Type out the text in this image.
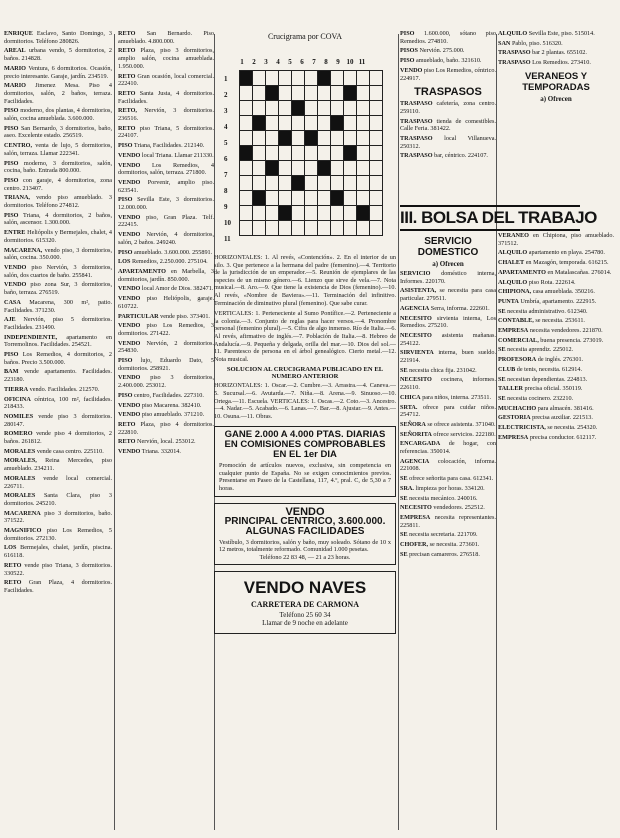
ENRIQUE Esclavo, Santo Domingo, 3 dormitorios. Teléfono 280826.

AREAL urbana vendo, 5 dormitorios, 2 baños. 214828.

MARIO Ventura, 6 dormitorios. Ocasión, precio interesante. Garaje, jardín. 234519.

MARIO Jimenez Mesa. Piso 4 dormitorios, salón, 2 baños, terraza. Facilidades.

PISO moderno, dos plantas, 4 dormitorios, salón, cocina amueblada. 3.600.000.

PISO San Bernardo, 3 dormitorios, baño, aseo. Excelente estado. 256519.

CENTRO, venta de lujo, 5 dormitorios, salón, terraza. Llamar 222341.

PISO moderno, 3 dormitorios, salón, cocina, baño. Entrada 800.000.

PISO con garaje, 4 dormitorios, zona centro. 213407.

TRIANA, vendo piso amueblado. 3 dormitorios. Teléfono 274812.

PISO Triana, 4 dormitorios, 2 baños, salón, ascensor. 1.300.000.

ENTRE Heliópolis y Bermejales, chalet, 4 dormitorios. 615320.

MACARENA, vendo piso, 3 dormitorios, salón, cocina. 350.000.

VENDO piso Nervión, 3 dormitorios, salón, dos cuartos de baño. 255841.

VENDO piso zona Sur, 3 dormitorios, baño, terraza. 276519.

CASA Macarena, 300 m², patio. Facilidades. 371230.

AJE Nervión, piso 5 dormitorios. Facilidades. 231490.

INDEPENDIENTE, apartamento en Torremolinos. Facilidades. 254521.

PISO Los Remedios, 4 dormitorios, 2 baños. Precio 3.500.000.

BAM vende apartamento. Facilidades. 223180.

TIERRA vendo. Facilidades. 212570.

OFICINA céntrica, 100 m², facilidades. 218433.

NOMILES vende piso 3 dormitorios. 280147.

ROMERO vende piso 4 dormitorios, 2 baños. 261812.

MORALES vende casa centro. 225110.

MORALES, Reina Mercedes, piso amueblado. 234211.

MORALES vende local comercial. 226711.

MORALES Santa Clara, piso 3 dormitorios. 245210.

MACARENA piso 3 dormitorios, baño. 371522.

MAGNIFICO piso Los Remedios, 5 dormitorios. 272130.

LOS Bermejales, chalet, jardín, piscina. 616118.

RETO vende piso Triana, 3 dormitorios. 330522.

RETO Gran Plaza, 4 dormitorios. Facilidades.

RETO San Bernardo. Piso amueblado. 4.800.000.

RETO Plaza, piso 3 dormitorios, amplio salón, cocina amueblada. 1.950.000.

RETO Gran ocasión, local comercial. 222410.

RETO Santa Justa, 4 dormitorios. Facilidades.

RETO, Nervión, 3 dormitorios. 236516.

RETO piso Triana, 5 dormitorios. 224107.

PISO Triana, Facilidades. 212140.

VENDO local Triana. Llamar 211330.

VENDO Los Remedios, 4 dormitorios, salón, terraza. 271800.

VENDO Porvenir, amplio piso. 623541.

PISO Sevilla Este, 3 dormitorios. 12.000.000.

VENDO piso, Gran Plaza. Telf. 222415.

VENDO Nervión, 4 dormitorios, salón, 2 baños. 249240.

PISO amueblado. 3.600.000. 255891.

LOS Remedios, 2.250.000. 275104.

APARTAMENTO en Marbella, 3 dormitorios, jardín. 850.000.

VENDO local Amor de Dios. 382471.

VENDO piso Heliópolis, garaje. 610722.

PARTICULAR vende piso. 373401.

VENDO piso Los Remedios, 3 dormitorios. 271422.

VENDO Nervión, 2 dormitorios. 254830.

PISO lujo, Eduardo Dato, 5 dormitorios. 258921.

VENDO piso 3 dormitorios, 2.400.000. 253012.

PISO centro, Facilidades. 227310.

VENDO piso Macarena. 382410.

VENDO piso amueblado. 371210.

RETO Plaza, piso 4 dormitorios. 222810.

RETO Nervión, local. 253012.

VENDO Triana. 332014.

Crucigrama por COVA
1 2 3 4 5 6 7 8 9 10 11
1
2
3
4
5
6
7
8
9
10
11

HORIZONTALES: 1. Al revés, «Contención». 2. En el interior de un silo. 3. Que pertenece a la hermana del padre (femenino).—4. Territorio de la jurisdicción de un emperador.—5. Reunión de ejemplares de las especies de un mismo género.—6. Lienzo que sirve de vela.—7. Nota musical.—8. Aro.—9. Que tiene la existencia de Dios (femenino).—10. Al revés, «Nombre de Baviera».—11. Terminación del infinitivo. Terminación de diminutivo plural (femenino). Que sabe curar.
VERTICALES: 1. Perteneciente al Sumo Pontífice.—2. Perteneciente a la colonia.—3. Conjunto de reglas para hacer versos.—4. Pronombre personal (femenino plural).—5. Cifra de algo inmenso. Río de Italia.—6. Al revés, afirmativo de inglés.—7. Población de Italia.—8. Hebreo de Andalucía.—9. Pequeña y delgada, orilla del mar.—10. Dios del sol.—11. Parentesco de persona en el árbol genealógico. Cierto metal.—12. Nota musical.
SOLUCION AL CRUCIGRAMA PUBLICADO EN EL NUMERO ANTERIOR
HORIZONTALES: 1. Oscar.—2. Cumbre.—3. Arrastra.—4. Caneva.—5. Sucursal.—6. Avutarda.—7. Niña.—8. Arena.—9. Sinuoso.—10. Ortega.—11. Escuela. VERTICALES: 1. Oscas.—2. Coto.—3. Ancestro.—4. Nadar.—5. Acabado.—6. Lanas.—7. Bar.—8. Ajustar.—9. Antes.—10. Osuna.—11. Obras.
GANE 2.000 A 4.000 PTAS. DIARIAS EN COMISIONES COMPROBABLES EN EL 1er DIA
Promoción de artículos nuevos, exclusiva, sin competencia en cualquier punto de España. No se exigen conocimientos previos. Presentarse en Paseo de la Castellana, 117, 4.º, pral. C, de 5,30 a 7 horas.
VENDO
PRINCIPAL CENTRICO, 3.600.000. ALGUNAS FACILIDADES
Vestíbulo, 3 dormitorios, salón y baño, muy soleado. Sótano de 10 x 12 metros, totalmente reformado. Comunidad 1.000 pesetas.
Teléfono 22 83 48, — 21 a 23 horas.
VENDO NAVES
CARRETERA DE CARMONA
Teléfono 25 60 34
Llamar de 9 noche en adelante

PISO 1.600.000, sótano piso Remedios. 274810.

PISOS Nervión. 275.000.

PISO amueblado, baño. 321610.

VENDO piso Los Remedios, céntrico. 224917.

TRASPASOS

TRASPASO cafetería, zona centro. 259110.

TRASPASO tienda de comestibles. Calle Feria. 381422.

TRASPASO local Villanueva. 250312.

TRASPASO bar, céntrico. 224107.

ALQUILO Sevilla Este, piso. 515014.

SAN Pablo, piso. 516320.

TRASPASO bar 2 plantas. 655102.

TRASPASO Los Remedios. 273410.

VERANEOS Y TEMPORADAS
a) Ofrecen
III. BOLSA DEL TRABAJO
SERVICIO DOMESTICO
a) Ofrecen

SERVICIO doméstico interna, Informes. 220170.

ASISTENTA, se necesita para casa particular. 279511.

AGENCIA Serra, informa. 222601.

NECESITO sirvienta interna, Los Remedios. 275210.

NECESITO asistenta mañanas. 254122.

SIRVIENTA interna, buen sueldo. 221914.

SE necesita chica fija. 231042.

NECESITO cocinera, informes. 226110.

CHICA para niños, interna. 273511.

SRTA. ofrece para cuidar niños. 254712.

SEÑORA se ofrece asistenta. 371040.

SEÑORITA ofrece servicios. 222180.

ENCARGADA de hogar, con referencias. 350014.

AGENCIA colocación, informa. 221008.

SE ofrece señorita para casa. 612341.

SRA. limpieza por horas. 334120.

SE necesita mecánico. 240016.

NECESITO vendedores. 252512.

EMPRESA necesita representantes. 225811.

SE necesita secretaria. 221709.

CHOFER, se necesita. 273601.

SE precisan camareros. 276518.

VERANEO en Chipiona, piso amueblado. 371512.

ALQUILO apartamento en playa. 254780.

CHALET en Mazagón, temporada. 616215.

APARTAMENTO en Matalascañas. 276014.

ALQUILO piso Rota. 222614.

CHIPIONA, casa amueblada. 350216.

PUNTA Umbría, apartamento. 222915.

SE necesita administrativo. 612340.

CONTABLE, se necesita. 253611.

EMPRESA necesita vendedores. 221870.

COMERCIAL, buena presencia. 273019.

SE necesita aprendiz. 225012.

PROFESORA de inglés. 276301.

CLUB de tenis, necesita. 612914.

SE necesitan dependientas. 224813.

TALLER precisa oficial. 350119.

SE necesita cocinero. 232210.

MUCHACHO para almacén. 381416.

GESTORIA precisa auxiliar. 221513.

ELECTRICISTA, se necesita. 254320.

EMPRESA precisa conductor. 612117.
